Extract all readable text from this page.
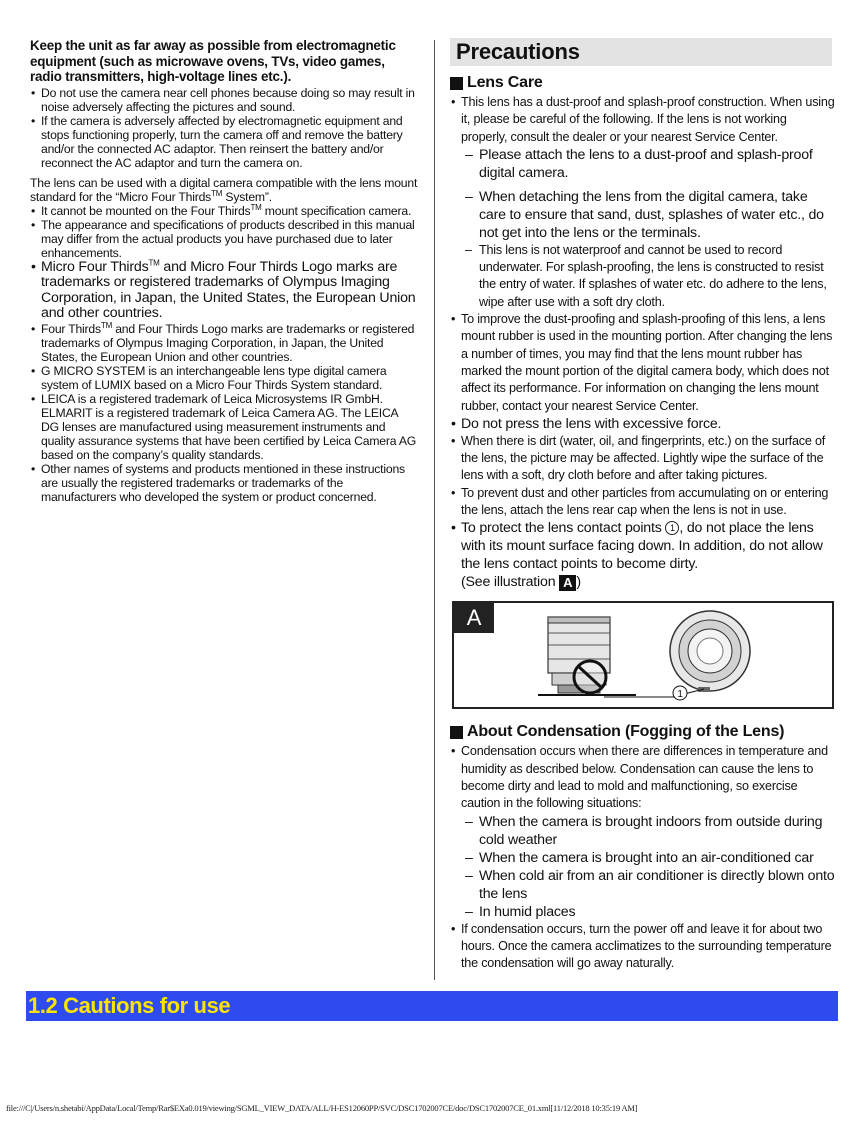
Keep the unit as far away as possible from electromagnetic equipment (such as microwave ovens, TVs, video games, radio transmitters, high-voltage lines etc.).

• Do not use the camera near cell phones because doing so may result in noise adversely affecting the pictures and sound.
• If the camera is adversely affected by electromagnetic equipment and stops functioning properly, turn the camera off and remove the battery and/or the connected AC adaptor. Then reinsert the battery and/or reconnect the AC adaptor and turn the camera on.

The lens can be used with a digital camera compatible with the lens mount standard for the “Micro Four Thirds™ System”.

• It cannot be mounted on the Four Thirds™ mount specification camera.
• The appearance and specifications of products described in this manual may differ from the actual products you have purchased due to later enhancements.
• Micro Four Thirds™ and Micro Four Thirds Logo marks are trademarks or registered trademarks of Olympus Imaging Corporation, in Japan, the United States, the European Union and other countries.
• Four Thirds™ and Four Thirds Logo marks are trademarks or registered trademarks of Olympus Imaging Corporation, in Japan, the United States, the European Union and other countries.
• G MICRO SYSTEM is an interchangeable lens type digital camera system of LUMIX based on a Micro Four Thirds System standard.
• LEICA is a registered trademark of Leica Microsystems IR GmbH. ELMARIT is a registered trademark of Leica Camera AG. The LEICA DG lenses are manufactured using measurement instruments and quality assurance systems that have been certified by Leica Camera AG based on the company’s quality standards.
• Other names of systems and products mentioned in these instructions are usually the registered trademarks or trademarks of the manufacturers who developed the system or product concerned.
Precautions
Lens Care
• This lens has a dust-proof and splash-proof construction. When using it, please be careful of the following. If the lens is not working properly, consult the dealer or your nearest Service Center.
– Please attach the lens to a dust-proof and splash-proof digital camera.
– When detaching the lens from the digital camera, take care to ensure that sand, dust, splashes of water etc., do not get into the lens or the terminals.
– This lens is not waterproof and cannot be used to record underwater. For splash-proofing, the lens is constructed to resist the entry of water. If splashes of water etc. do adhere to the lens, wipe after use with a soft dry cloth.
• To improve the dust-proofing and splash-proofing of this lens, a lens mount rubber is used in the mounting portion. After changing the lens a number of times, you may find that the lens mount rubber has marked the mount portion of the digital camera body, which does not affect its performance. For information on changing the lens mount rubber, contact your nearest Service Center.
• Do not press the lens with excessive force.
• When there is dirt (water, oil, and fingerprints, etc.) on the surface of the lens, the picture may be affected. Lightly wipe the surface of the lens with a soft, dry cloth before and after taking pictures.
• To prevent dust and other particles from accumulating on or entering the lens, attach the lens rear cap when the lens is not in use.
• To protect the lens contact points 1 , do not place the lens with its mount surface facing down. In addition, do not allow the lens contact points to become dirty.
(See illustration A )
A
1
About Condensation (Fogging of the Lens)
• Condensation occurs when there are differences in temperature and humidity as described below. Condensation can cause the lens to become dirty and lead to mold and malfunctioning, so exercise caution in the following situations:
– When the camera is brought indoors from outside during cold weather
– When the camera is brought into an air-conditioned car
– When cold air from an air conditioner is directly blown onto the lens
– In humid places
• If condensation occurs, turn the power off and leave it for about two hours. Once the camera acclimatizes to the surrounding temperature the condensation will go away naturally.
1.2 Cautions for use
file:///C|/Users/n.shetabi/AppData/Local/Temp/Rar$EXa0.019/viewing/SGML_VIEW_DATA/ALL/H-ES12060PP/SVC/DSC1702007CE/doc/DSC1702007CE_01.xml[11/12/2018 10:35:19 AM]
